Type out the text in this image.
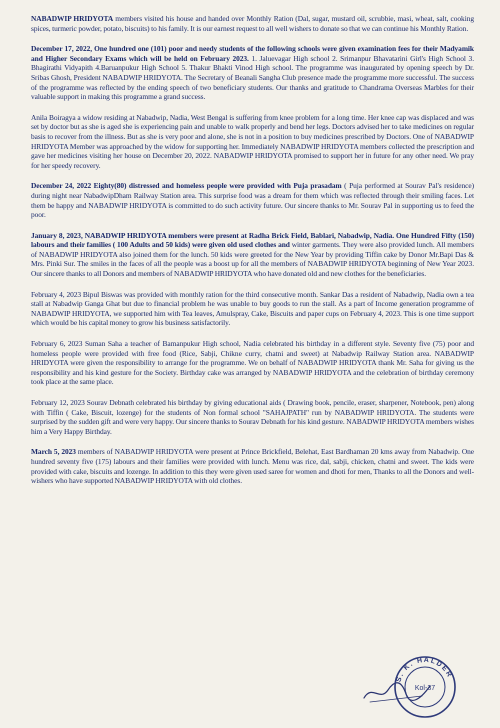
NABADWIP HRIDYOTA members visited his house and handed over Monthly Ration (Dal, sugar, mustard oil, scrubbie, masi, wheat, salt, cooking spices, turmeric powder, potato, biscuits) to his family. It is our earnest request to all well wishers to donate so that we can continue his Monthly Ration.

December 17, 2022, One hundred one (101) poor and needy students of the following schools were given examination fees for their Madyamik and Higher Secondary Exams which will be held on February 2023. 1. Jaluevagar High school 2. Srimanpur Bhavatarini Girl's High School 3. Bhagirathi Vidyapith 4.Baruanpukur High School 5. Thakur Bhakti Vinod High school. The programme was inaugurated by opening speech by Dr. Sribas Ghosh, President NABADWIP HRIDYOTA. The Secretary of Beanali Sangha Club presence made the programme more successful. The success of the programme was reflected by the ending speech of two beneficiary students. Our thanks and gratitude to Chandrama Overseas Marbles for their valuable support in making this programme a grand success.

Anila Boiragya a widow residing at Nabadwip, Nadia, West Bengal is suffering from knee problem for a long time. Her knee cap was displaced and was set by doctor but as she is aged she is experiencing pain and unable to walk properly and bend her legs. Doctors advised her to take medicines on regular basis to recover from the illness. But as she is very poor and alone, she is not in a position to buy medicines prescribed by Doctors. One of NABADWIP HRIDYOTA Member was approached by the widow for supporting her. Immediately NABADWIP HRIDYOTA members collected the prescription and gave her medicines visiting her house on December 20, 2022. NABADWIP HRIDYOTA promised to support her in future for any other need. We pray for her speedy recovery.

December 24, 2022 Eighty(80) distressed and homeless people were provided with Puja prasadam ( Puja performed at Sourav Pal's residence) during night near NabadwipDham Railway Station area. This surprise food was a dream for them which was reflected through their smiling faces. Let them be happy and NABADWIP HRIDYOTA is committed to do such activity future. Our sincere thanks to Mr. Sourav Pal in supporting us to feed the poor.

January 8, 2023, NABADWIP HRIDYOTA members were present at Radha Brick Field, Bablari, Nabadwip, Nadia. One Hundred Fifty (150) labours and their families ( 100 Adults and 50 kids) were given old used clothes and winter garments. They were also provided lunch. All members of NABADWIP HRIDYOTA also joined them for the lunch. 50 kids were greeted for the New Year by providing Tiffin cake by Donor Mr.Bapi Das & Mrs. Pinki Sur. The smiles in the faces of all the people was a boost up for all the members of NABADWIP HRIDYOTA beginning of New Year 2023. Our sincere thanks to all Donors and members of NABADWIP HRIDYOTA who have donated old and new clothes for the beneficiaries.

February 4, 2023 Bipul Biswas was provided with monthly ration for the third consecutive month. Sankar Das a resident of Nabadwip, Nadia own a tea stall at Nabadwip Ganga Ghat but due to financial problem he was unable to buy goods to run the stall. As a part of Income generation programme of NABADWIP HRIDYOTA, we supported him with Tea leaves, Amulspray, Cake, Biscuits and paper cups on February 4, 2023. This is one time support which would be his capital money to grow his business satisfactorily.

February 6, 2023 Suman Saha a teacher of Bamanpukur High school, Nadia celebrated his birthday in a different style. Seventy five (75) poor and homeless people were provided with free food (Rice, Sabji, Chikne curry, chatni and sweet) at Nabadwip Railway Station area. NABADWIP HRIDYOTA were given the responsibility to arrange for the programme. We on behalf of NABADWIP HRIDYOTA thank Mr. Saha for giving us the responsibility and his kind gesture for the Society. Birthday cake was arranged by NABADWIP HRIDYOTA and the celebration of birthday ceremony took place at the same place.

February 12, 2023 Sourav Debnath celebrated his birthday by giving educational aids ( Drawing book, pencile, eraser, sharpener, Notebook, pen) along with Tiffin ( Cake, Biscuit, lozenge) for the students of Non formal school "SAHAJPATH" run by NABADWIP HRIDYOTA. The students were surprised by the sudden gift and were very happy. Our sincere thanks to Sourav Debnath for his kind gesture. NABADWIP HRIDYOTA members wishes him a Very Happy Birthday.

March 5, 2023 members of NABADWIP HRIDYOTA were present at Prince Brickfield, Belehat, East Bardhaman 20 kms away from Nabadwip. One hundred seventy five (175) labours and their families were provided with lunch. Menu was rice, dal, sabji, chicken, chatni and sweet. The kids were provided with cake, biscuits and lozenge. In addition to this they were given used saree for women and dhoti for men, Thanks to all the Donors and well-wishers who have supported NABADWIP HRIDYOTA with old clothes.

S. K. HALDER
Kol-37
